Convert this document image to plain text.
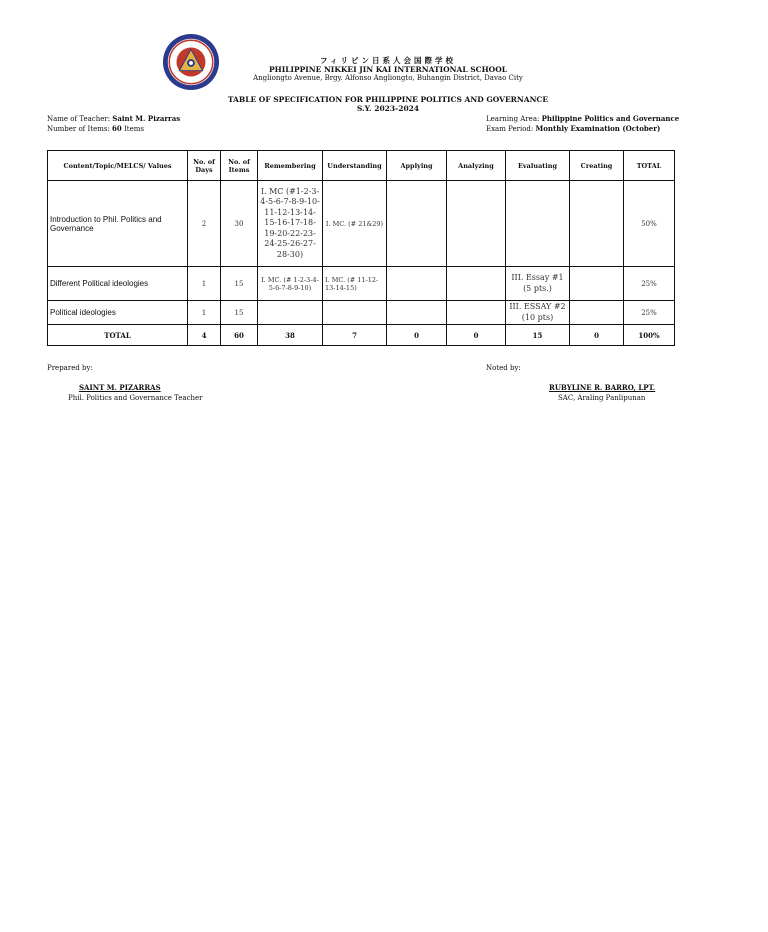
フィリピン日系人会国際学校
PHILIPPINE NIKKEI JIN KAI INTERNATIONAL SCHOOL
Angliongto Avenue, Brgy. Alfonso Angliongto, Buhangin District, Davao City
TABLE OF SPECIFICATION FOR PHILIPPINE POLITICS AND GOVERNANCE
S.Y. 2023-2024
Name of Teacher: Saint M. Pizarras
Number of Items: 60 Items
Learning Area: Philippine Politics and Governance
Exam Period: Monthly Examination (October)
Content/Topic/MELCS/ Values	No. of Days	No. of Items	Remembering	Understanding	Applying	Analyzing	Evaluating	Creating	TOTAL
Introduction to Phil. Politics and Governance	2	30	I. MC (#1-2-3-4-5-6-7-8-9-10-11-12-13-14-15-16-17-18-19-20-22-23-24-25-26-27-28-30)	I. MC. (# 21&29)					50%
Different Political ideologies	1	15	I. MC. (# 1-2-3-4-5-6-7-8-9-10)	I. MC. (# 11-12-13-14-15)			III. Essay #1 (5 pts.)		25%
Political ideologies	1	15					III. ESSAY #2 (10 pts)		25%
TOTAL	4	60	38	7	0	0	15	0	100%
Prepared by:	Noted by:
SAINT M. PIZARRAS
Phil. Politics and Governance Teacher
RUBYLINE R. BARRO, LPT.
SAC, Araling Panlipunan
